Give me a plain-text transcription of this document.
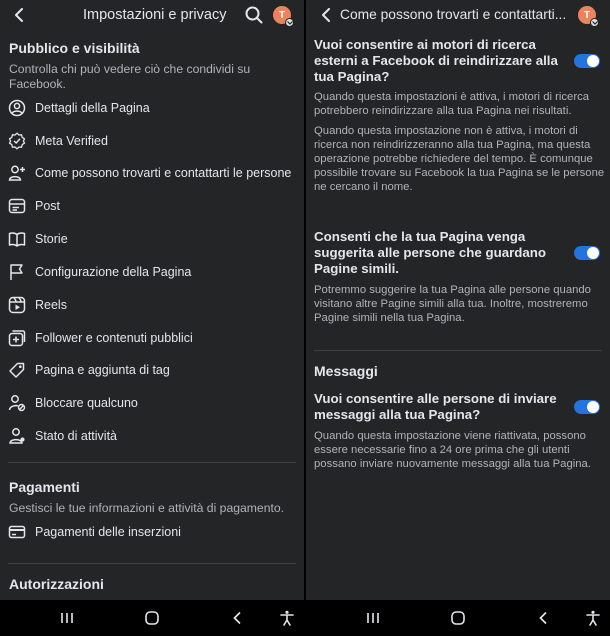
Impostazioni e privacy	T
Pubblico e visibilità
Controlla chi può vedere ciò che condividi su Facebook.
Dettagli della Pagina
Meta Verified
Come possono trovarti e contattarti le persone
Post
Storie
Configurazione della Pagina
Reels
Follower e contenuti pubblici
Pagina e aggiunta di tag
Bloccare qualcuno
Stato di attività
Pagamenti
Gestisci le tue informazioni e attività di pagamento.
Pagamenti delle inserzioni
Autorizzazioni
Come possono trovarti e contattarti... T
Vuoi consentire ai motori di ricerca esterni a Facebook di reindirizzare alla tua Pagina?
Quando questa impostazioni è attiva, i motori di ricerca potrebbero reindirizzare alla tua Pagina nei risultati.
Quando questa impostazione non è attiva, i motori di ricerca non reindirizzeranno alla tua Pagina, ma questa operazione potrebbe richiedere del tempo. È comunque possibile trovare su Facebook la tua Pagina se le persone ne cercano il nome.
Consenti che la tua Pagina venga suggerita alle persone che guardano Pagine simili.
Potremmo suggerire la tua Pagina alle persone quando visitano altre Pagine simili alla tua. Inoltre, mostreremo Pagine simili nella tua Pagina.
Messaggi
Vuoi consentire alle persone di inviare messaggi alla tua Pagina?
Quando questa impostazione viene riattivata, possono essere necessarie fino a 24 ore prima che gli utenti possano inviare nuovamente messaggi alla tua Pagina.
